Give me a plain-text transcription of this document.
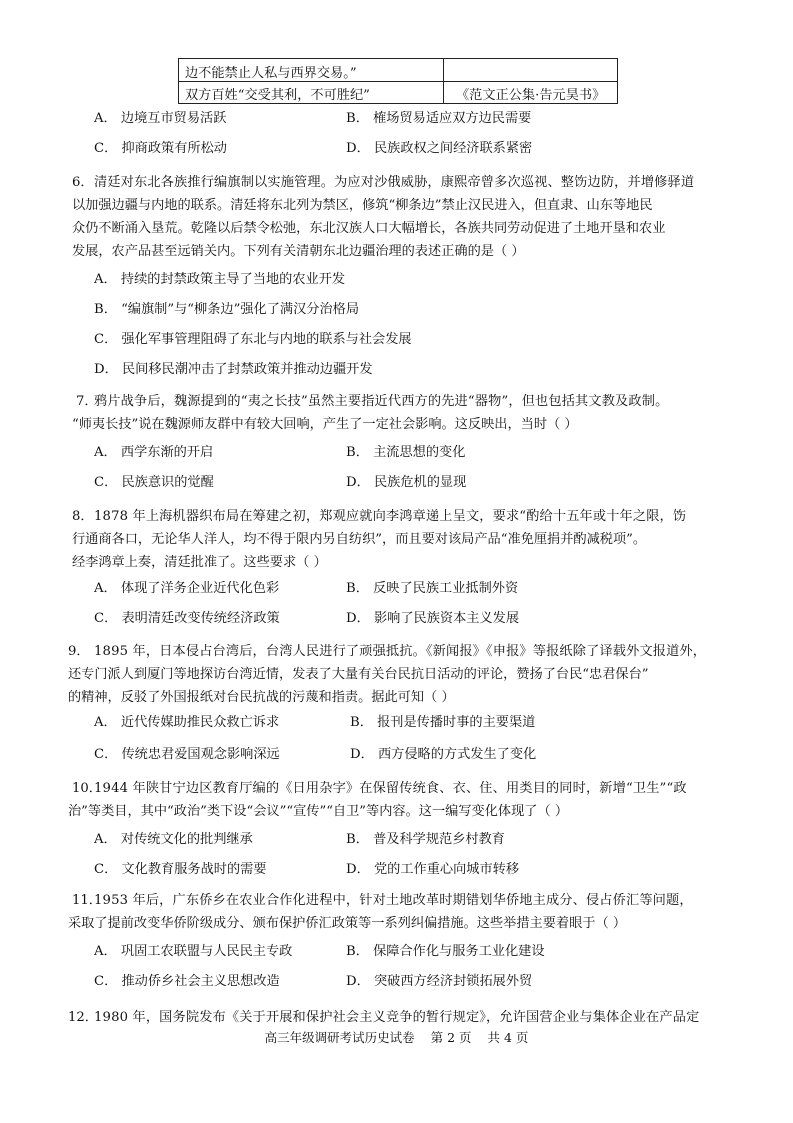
边不能禁止人私与西界交易。”
双方百姓“交受其利，不可胜纪”	《范文正公集·告元昊书》
A． 边境互市贸易活跃	B． 榷场贸易适应双方边民需要
C． 抑商政策有所松动	D． 民族政权之间经济联系紧密
6． 清廷对东北各族推行编旗制以实施管理。为应对沙俄威胁，康熙帝曾多次巡视、整饬边防，并增修驿道
以加强边疆与内地的联系。清廷将东北列为禁区，修筑“柳条边”禁止汉民进入，但直隶、山东等地民
众仍不断涌入垦荒。乾隆以后禁令松弛，东北汉族人口大幅增长，各族共同劳动促进了土地开垦和农业
发展，农产品甚至远销关内。下列有关清朝东北边疆治理的表述正确的是（ ）
A． 持续的封禁政策主导了当地的农业开发
B． “编旗制”与“柳条边”强化了满汉分治格局
C． 强化军事管理阻碍了东北与内地的联系与社会发展
D． 民间移民潮冲击了封禁政策并推动边疆开发
7．
鸦片战争后，魏源提到的“夷之长技”虽然主要指近代西方的先进“器物”，但也包括其文教及政制。
“师夷长技”说在魏源师友群中有较大回响，产生了一定社会影响。这反映出，当时（ ）
A． 西学东渐的开启	B． 主流思想的变化
C． 民族意识的觉醒	D． 民族危机的显现
8． 1878 年上海机器织布局在筹建之初，郑观应就向李鸿章递上呈文，要求“酌给十五年或十年之限，饬
行通商各口，无论华人洋人，均不得于限内另自纺织”，而且要对该局产品“准免厘捐并酌减税项”。
经李鸿章上奏，清廷批准了。这些要求（ ）
A． 体现了洋务企业近代化色彩	B． 反映了民族工业抵制外资
C． 表明清廷改变传统经济政策	D． 影响了民族资本主义发展
9． 1895 年，日本侵占台湾后，台湾人民进行了顽强抵抗。《新闻报》《申报》等报纸除了译载外文报道外，
还专门派人到厦门等地探访台湾近情，发表了大量有关台民抗日活动的评论，赞扬了台民“忠君保台”
的精神，反驳了外国报纸对台民抗战的污蔑和指责。据此可知（ ）
A． 近代传媒助推民众救亡诉求	B． 报刊是传播时事的主要渠道
C． 传统忠君爱国观念影响深远	D． 西方侵略的方式发生了变化
10．
1944 年陕甘宁边区教育厅编的《日用杂字》在保留传统食、衣、住、用类目的同时，新增“卫生”“政
治”等类目，其中“政治”类下设“会议”“宣传”“自卫”等内容。这一编写变化体现了（ ）
A． 对传统文化的批判继承	B． 普及科学规范乡村教育
C． 文化教育服务战时的需要	D． 党的工作重心向城市转移
11．
1953 年后，广东侨乡在农业合作化进程中，针对土地改革时期错划华侨地主成分、侵占侨汇等问题，
采取了提前改变华侨阶级成分、颁布保护侨汇政策等一系列纠偏措施。这些举措主要着眼于（ ）
A． 巩固工农联盟与人民民主专政	B． 保障合作化与服务工业化建设
C． 推动侨乡社会主义思想改造	D． 突破西方经济封锁拓展外贸
12．
1980 年，国务院发布《关于开展和保护社会主义竞争的暂行规定》，允许国营企业与集体企业在产品定
高三年级调研考试历史试卷 第 2 页 共 4 页
